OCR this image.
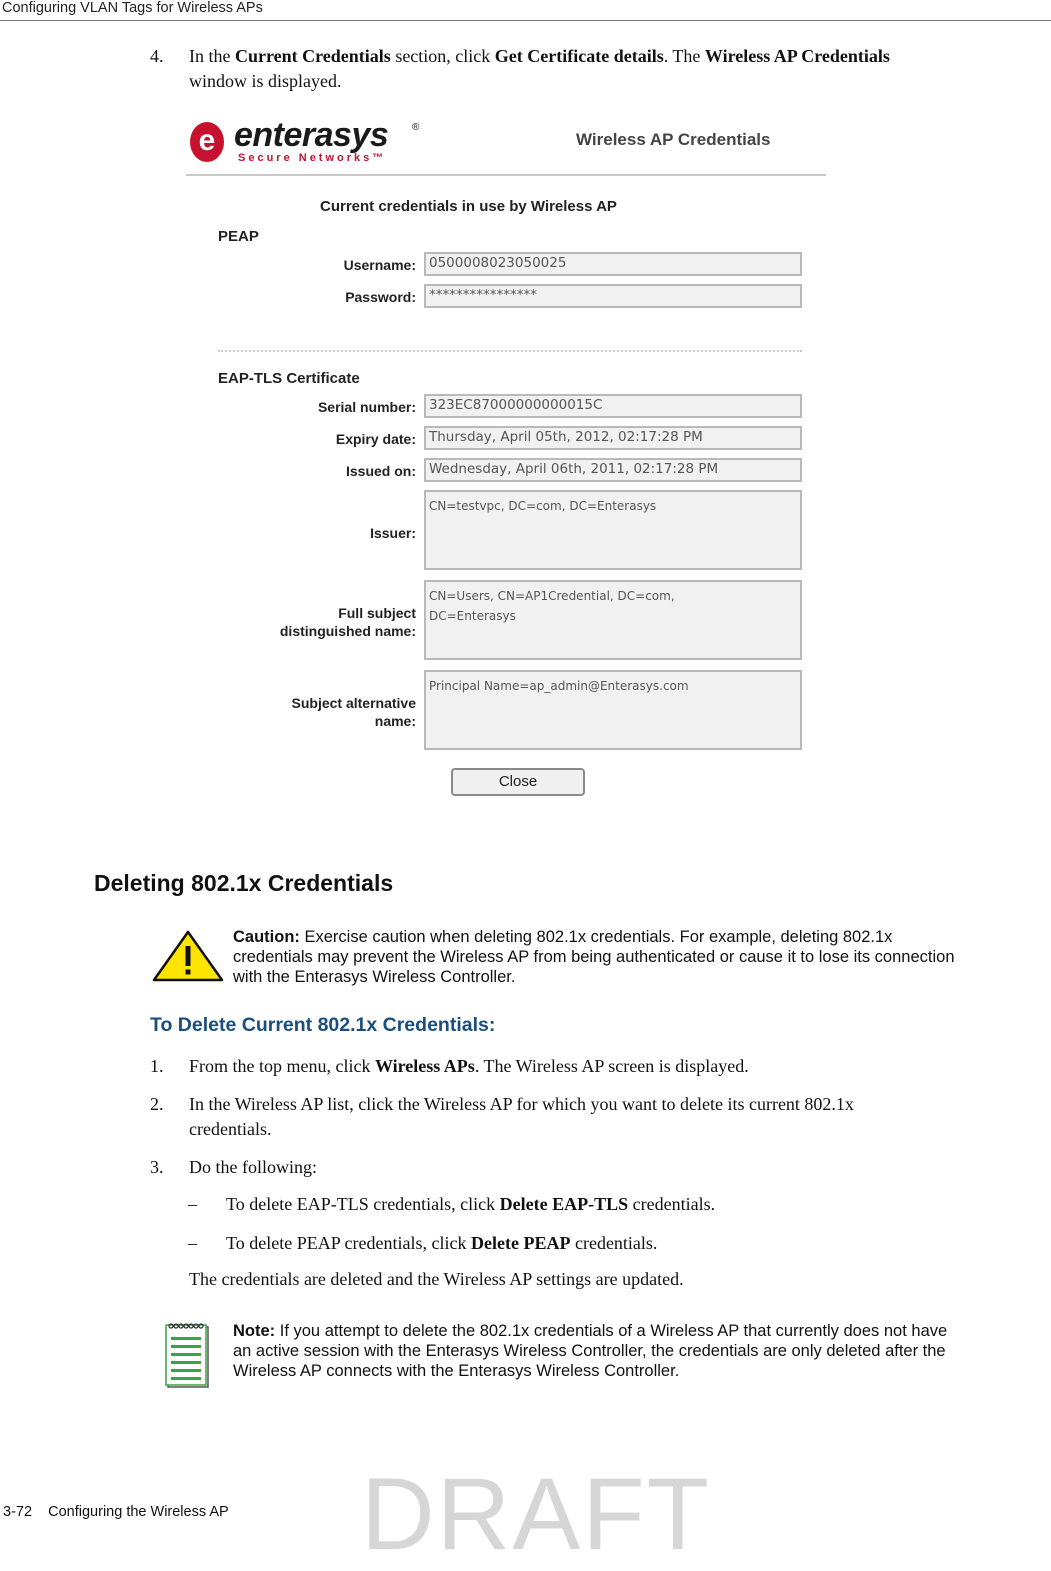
Configuring VLAN Tags for Wireless APs
4.	In the Current Credentials section, click Get Certificate details. The Wireless AP Credentials
window is displayed.
e enterasys ®
Secure Networks™
Wireless AP Credentials
Current credentials in use by Wireless AP
PEAP
Username: 0500008023050025
Password: ****************
EAP-TLS Certificate
Serial number: 323EC87000000000015C
Expiry date: Thursday, April 05th, 2012, 02:17:28 PM
Issued on: Wednesday, April 06th, 2011, 02:17:28 PM
Issuer:
CN=testvpc, DC=com, DC=Enterasys
Full subject
distinguished name:
CN=Users, CN=AP1Credential, DC=com,
DC=Enterasys
Subject alternative
name:
Principal Name=ap_admin@Enterasys.com
Close
Deleting 802.1x Credentials
Caution: Exercise caution when deleting 802.1x credentials. For example, deleting 802.1x
credentials may prevent the Wireless AP from being authenticated or cause it to lose its connection
with the Enterasys Wireless Controller.
To Delete Current 802.1x Credentials:
1.	From the top menu, click Wireless APs. The Wireless AP screen is displayed.
2.	In the Wireless AP list, click the Wireless AP for which you want to delete its current 802.1x
credentials.
3.	Do the following:
– To delete EAP-TLS credentials, click Delete EAP-TLS credentials.
– To delete PEAP credentials, click Delete PEAP credentials.
The credentials are deleted and the Wireless AP settings are updated.
Note: If you attempt to delete the 802.1x credentials of a Wireless AP that currently does not have
an active session with the Enterasys Wireless Controller, the credentials are only deleted after the
Wireless AP connects with the Enterasys Wireless Controller.
3-72    Configuring the Wireless AP DRAFT
